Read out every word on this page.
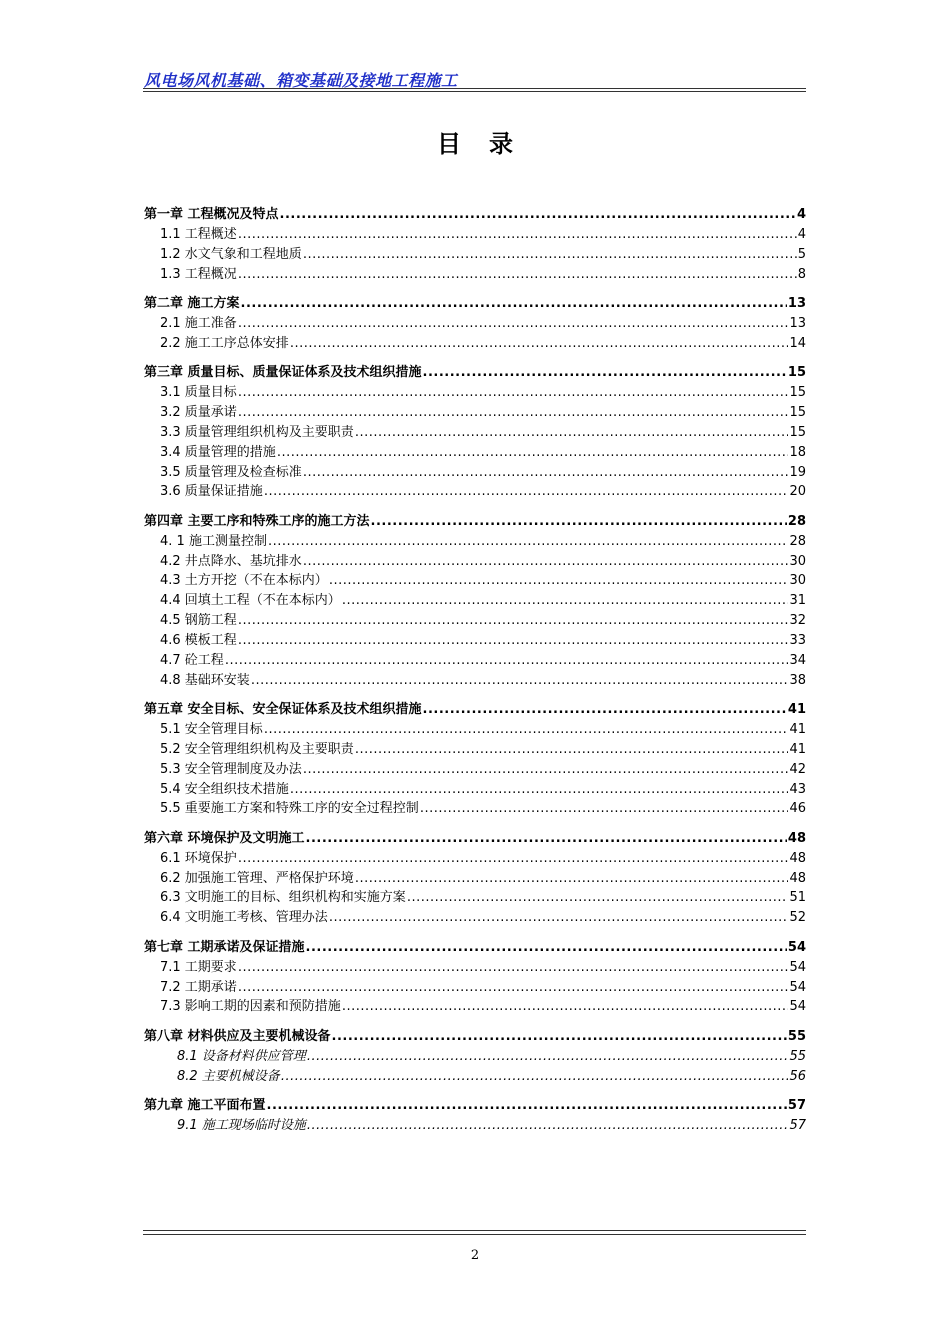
风电场风机基础、箱变基础及接地工程施工
目录
第一章 工程概况及特点 .....	4
1.1 工程概述 .....	4
1.2 水文气象和工程地质 .....	5
1.3 工程概况 .....	8
第二章 施工方案 .....	13
2.1 施工准备 .....	13
2.2 施工工序总体安排 .....	14
第三章 质量目标、质量保证体系及技术组织措施 .....	15
3.1 质量目标 .....	15
3.2 质量承诺 .....	15
3.3 质量管理组织机构及主要职责 .....	15
3.4 质量管理的措施 .....	18
3.5 质量管理及检查标准 .....	19
3.6 质量保证措施 .....	20
第四章 主要工序和特殊工序的施工方法 .....	28
4. 1 施工测量控制 .....	28
4.2 井点降水、基坑排水 .....	30
4.3 土方开挖（不在本标内） .....	30
4.4 回填土工程（不在本标内） .....	31
4.5 钢筋工程 .....	32
4.6 模板工程 .....	33
4.7 砼工程 .....	34
4.8 基础环安装 .....	38
第五章 安全目标、安全保证体系及技术组织措施 .....	41
5.1 安全管理目标 .....	41
5.2 安全管理组织机构及主要职责 .....	41
5.3 安全管理制度及办法 .....	42
5.4 安全组织技术措施 .....	43
5.5 重要施工方案和特殊工序的安全过程控制 .....	46
第六章 环境保护及文明施工 .....	48
6.1 环境保护 .....	48
6.2 加强施工管理、严格保护环境 .....	48
6.3 文明施工的目标、组织机构和实施方案 .....	51
6.4 文明施工考核、管理办法 .....	52
第七章 工期承诺及保证措施 .....	54
7.1 工期要求 .....	54
7.2 工期承诺 .....	54
7.3 影响工期的因素和预防措施 .....	54
第八章 材料供应及主要机械设备 .....	55
8.1 设备材料供应管理 .....	55
8.2 主要机械设备 .....	56
第九章 施工平面布置 .....	57
9.1 施工现场临时设施 .....	57
2
